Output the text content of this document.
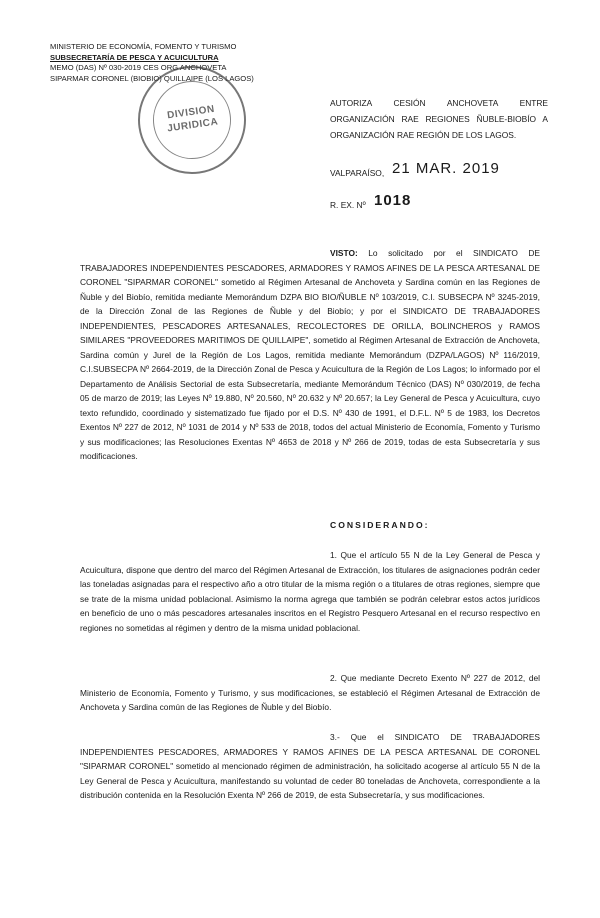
MINISTERIO DE ECONOMÍA, FOMENTO Y TURISMO
SUBSECRETARÍA DE PESCA Y ACUICULTURA
MEMO (DAS) Nº 030-2019 CES ORG ANCHOVETA
SIPARMAR CORONEL (BIOBIO) QUILLAIPE (LOS LAGOS)
DIVISION
JURIDICA
AUTORIZA CESIÓN ANCHOVETA ENTRE ORGANIZACIÓN RAE REGIONES ÑUBLE-BIOBÍO A ORGANIZACIÓN RAE REGIÓN DE LOS LAGOS.
VALPARAÍSO, 21 MAR. 2019
R. EX. Nº 1018
VISTO: Lo solicitado por el SINDICATO DE TRABAJADORES INDEPENDIENTES PESCADORES, ARMADORES Y RAMOS AFINES DE LA PESCA ARTESANAL DE CORONEL "SIPARMAR CORONEL" sometido al Régimen Artesanal de Anchoveta y Sardina común en las Regiones de Ñuble y del Biobío, remitida mediante Memorándum DZPA BIO BIO/ÑUBLE Nº 103/2019, C.I. SUBSECPA Nº 3245-2019, de la Dirección Zonal de las Regiones de Ñuble y del Biobío; y por el SINDICATO DE TRABAJADORES INDEPENDIENTES, PESCADORES ARTESANALES, RECOLECTORES DE ORILLA, BOLINCHEROS y RAMOS SIMILARES "PROVEEDORES MARITIMOS DE QUILLAIPE", sometido al Régimen Artesanal de Extracción de Anchoveta, Sardina común y Jurel de la Región de Los Lagos, remitida mediante Memorándum (DZPA/LAGOS) Nº 116/2019, C.I.SUBSECPA Nº 2664-2019, de la Dirección Zonal de Pesca y Acuicultura de la Región de Los Lagos; lo informado por el Departamento de Análisis Sectorial de esta Subsecretaría, mediante Memorándum Técnico (DAS) Nº 030/2019, de fecha 05 de marzo de 2019; las Leyes Nº 19.880, Nº 20.560, Nº 20.632 y Nº 20.657; la Ley General de Pesca y Acuicultura, cuyo texto refundido, coordinado y sistematizado fue fijado por el D.S. Nº 430 de 1991, el D.F.L. Nº 5 de 1983, los Decretos Exentos Nº 227 de 2012, Nº 1031 de 2014 y Nº 533 de 2018, todos del actual Ministerio de Economía, Fomento y Turismo y sus modificaciones; las Resoluciones Exentas Nº 4653 de 2018 y Nº 266 de 2019, todas de esta Subsecretaría y sus modificaciones.
CONSIDERANDO:
1. Que el artículo 55 N de la Ley General de Pesca y Acuicultura, dispone que dentro del marco del Régimen Artesanal de Extracción, los titulares de asignaciones podrán ceder las toneladas asignadas para el respectivo año a otro titular de la misma región o a titulares de otras regiones, siempre que se trate de la misma unidad poblacional. Asimismo la norma agrega que también se podrán celebrar estos actos jurídicos en beneficio de uno o más pescadores artesanales inscritos en el Registro Pesquero Artesanal en el recurso respectivo en regiones no sometidas al régimen y dentro de la misma unidad poblacional.
2. Que mediante Decreto Exento Nº 227 de 2012, del Ministerio de Economía, Fomento y Turismo, y sus modificaciones, se estableció el Régimen Artesanal de Extracción de Anchoveta y Sardina común de las Regiones de Ñuble y del Biobío.
3.- Que el SINDICATO DE TRABAJADORES INDEPENDIENTES PESCADORES, ARMADORES Y RAMOS AFINES DE LA PESCA ARTESANAL DE CORONEL "SIPARMAR CORONEL" sometido al mencionado régimen de administración, ha solicitado acogerse al artículo 55 N de la Ley General de Pesca y Acuicultura, manifestando su voluntad de ceder 80 toneladas de Anchoveta, correspondiente a la distribución contenida en la Resolución Exenta Nº 266 de 2019, de esta Subsecretaría, y sus modificaciones.
